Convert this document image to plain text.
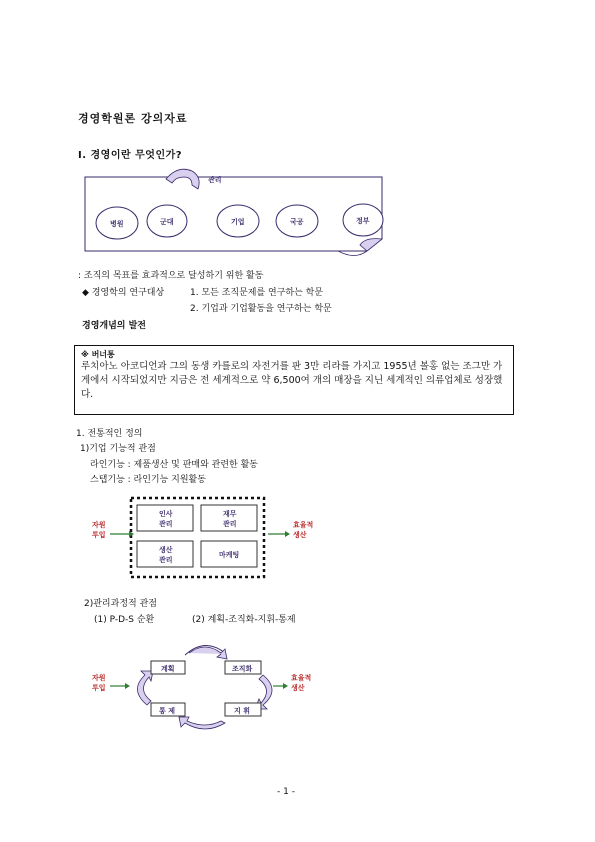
경영학원론 강의자료
I. 경영이란 무엇인가?
관리
병원	군대	기업	국공	정부
: 조직의 목표를 효과적으로 달성하기 위한 활동
◆ 경영학의 연구대상	1. 모든 조직문제를 연구하는 학문
2. 기업과 기업활동을 연구하는 학문
경영개념의 발전
※ 버너통
루치아노 아코디언과 그의 동생 카를로의 자전거를 판 3만 리라를 가지고 1955년 볼홍 없는 조그만 가게에서 시작되었지만 지금은 전 세계적으로 약 6,500여 개의 매장을 지닌 세계적인 의류업체로 성장했다.
1. 전통적인 정의
1)기업 기능적 관점
라인기능 : 제품생산 및 판매와 관련한 활동
스탭기능 : 라인기능 지원활동
인사
관리
재무
관리
생산
관리
마케팅
자원
투입
효율적
생산
2)관리과정적 관점
(1) P-D-S 순환	(2) 계획-조직화-지휘-통제
계획	조직화
통 제	지 휘
자원
투입
효율적
생산
- 1 -
